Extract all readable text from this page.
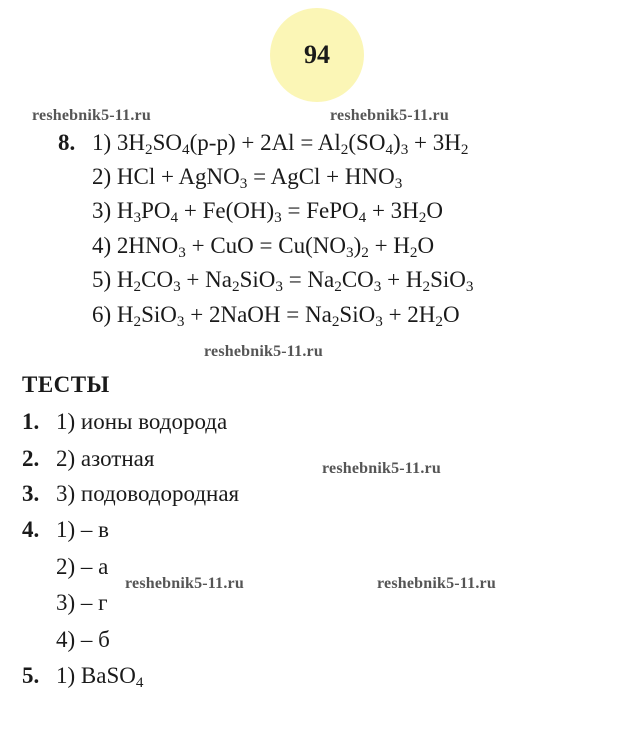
94
reshebnik5-11.ru	reshebnik5-11.ru
reshebnik5-11.ru
reshebnik5-11.ru
reshebnik5-11.ru	reshebnik5-11.ru
8. 1) $3H_2SO_4(р-р) + 2Al = Al_2(SO_4)_3 + 3H_2$
2) HCl + AgNO$_3$ = AgCl + $HNO_3$
3) $H_3PO_4 + Fe(OH)_3$ = FePO$_4$ + $3H_2O$
4) $2HNO_3$ + CuO = $Cu(NO_3)_2 + H_2O$
5) $H_2CO_3 + Na_2SiO_3 = Na_2CO_3 + H_2SiO_3$
6) $H_2SiO_3$ + 2NaOH = $Na_2SiO_3 + 2H_2O$
ТЕСТЫ
1. 1) ионы водорода
2. 2) азотная
3. 3) подоводородная
4. 1) – в
2) – а
3) – г
4) – б
5. 1) BaSO$_4$
